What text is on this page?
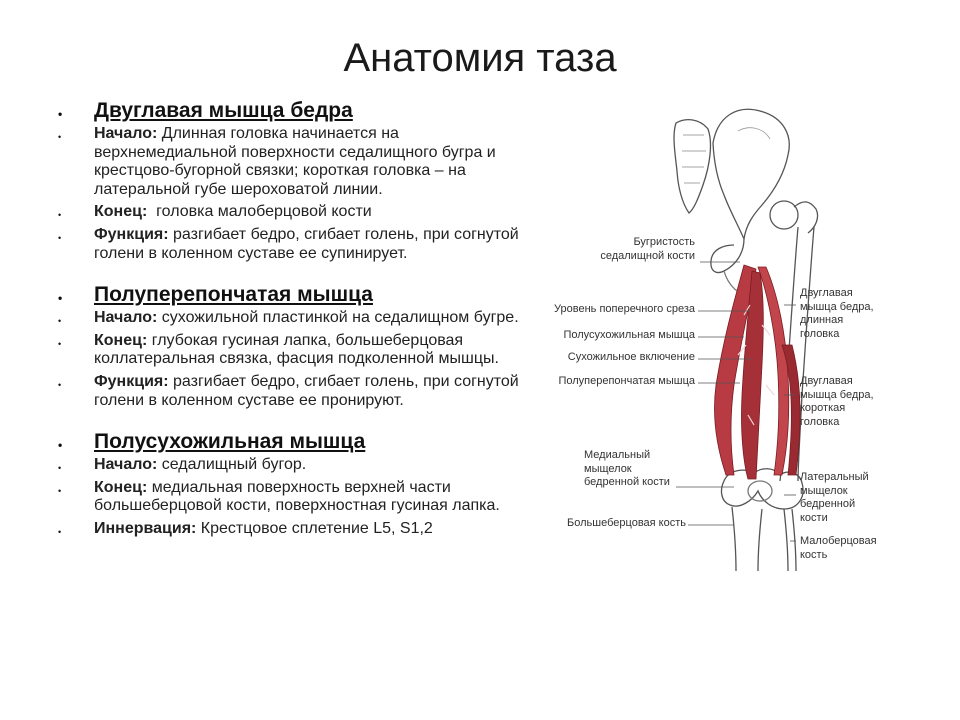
Анатомия таза
• Двуглавая мышца бедра
• Начало: Длинная головка начинается на верхнемедиальной поверхности седалищного бугра и крестцово-бугорной связки; короткая головка – на латеральной губе шероховатой линии.
• Конец:  головка малоберцовой кости
• Функция: разгибает бедро, сгибает голень, при согнутой голени в коленном суставе ее супинирует.
• Полуперепончатая мышца
• Начало: сухожильной пластинкой на седалищном бугре.
• Конец: глубокая гусиная лапка, большеберцовая коллатеральная связка, фасция подколенной мышцы.
• Функция: разгибает бедро, сгибает голень, при согнутой голени в коленном суставе ее пронируют.
• Полусухожильная мышца
• Начало: седалищный бугор.
• Конец: медиальная поверхность верхней части большеберцовой кости, поверхностная гусиная лапка.
• Иннервация: Крестцовое сплетение L5, S1,2
Бугристость
седалищной кости
Уровень поперечного среза
Полусухожильная мышца
Сухожильное включение
Полуперепончатая мышца
Медиальный
мыщелок
бедренной кости
Большеберцовая кость
Двуглавая
мышца бедра,
длинная
головка
Двуглавая
мышца бедра,
короткая
головка
Латеральный
мыщелок
бедренной
кости
Малоберцовая
кость
